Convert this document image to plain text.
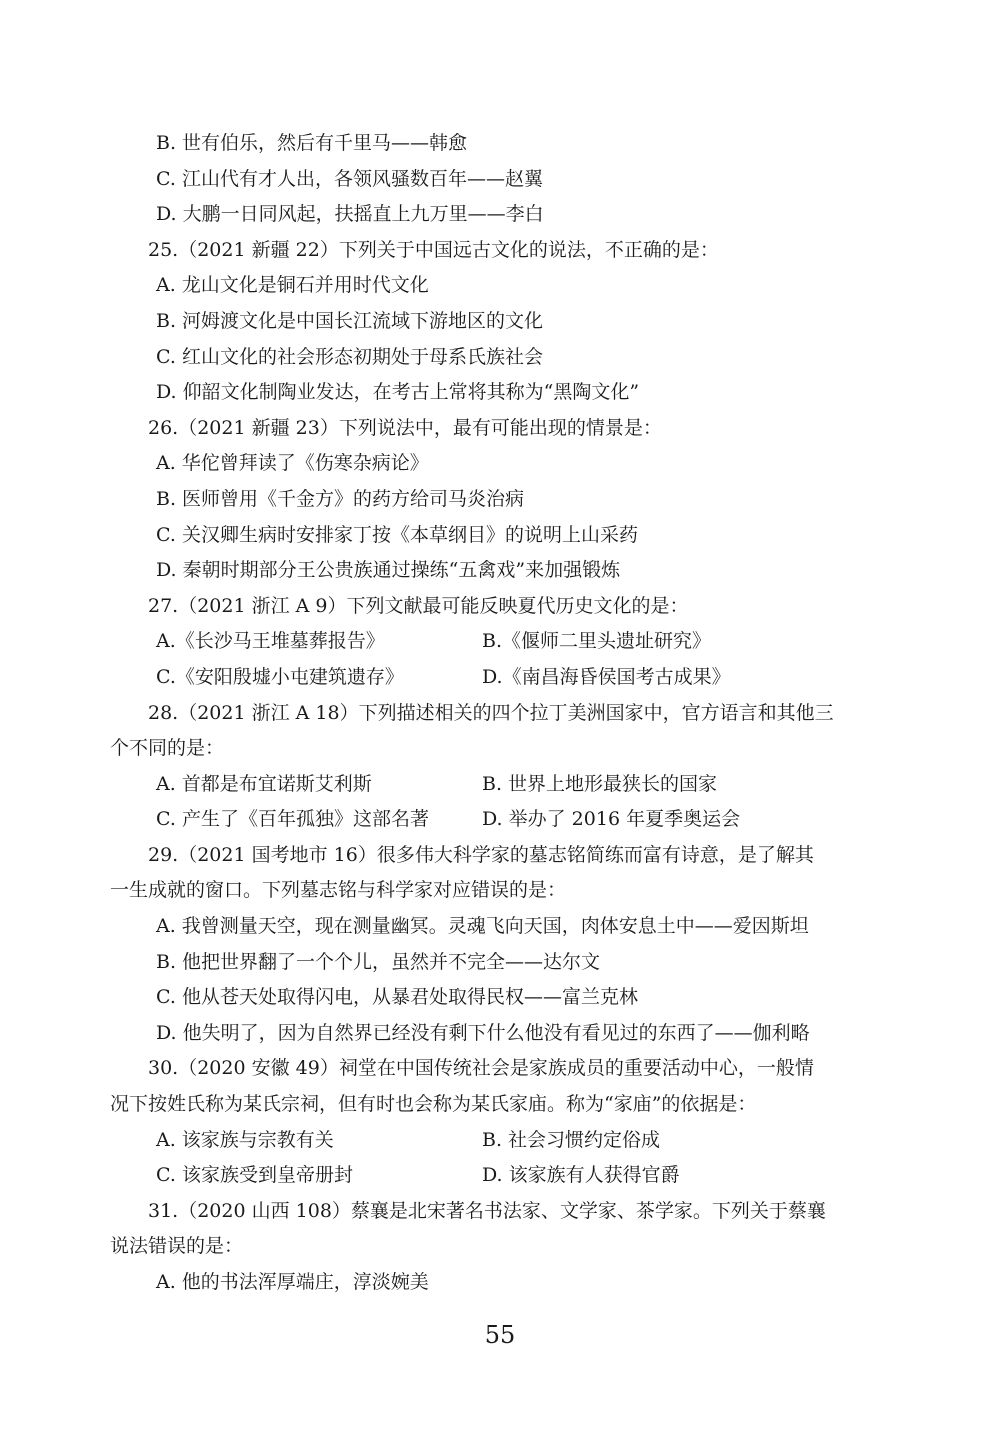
B. 世有伯乐，然后有千里马——韩愈
C. 江山代有才人出，各领风骚数百年——赵翼
D. 大鹏一日同风起，扶摇直上九万里——李白
25.（2021 新疆 22）下列关于中国远古文化的说法，不正确的是：
A. 龙山文化是铜石并用时代文化
B. 河姆渡文化是中国长江流域下游地区的文化
C. 红山文化的社会形态初期处于母系氏族社会
D. 仰韶文化制陶业发达，在考古上常将其称为“黑陶文化”
26.（2021 新疆 23）下列说法中，最有可能出现的情景是：
A. 华佗曾拜读了《伤寒杂病论》
B. 医师曾用《千金方》的药方给司马炎治病
C. 关汉卿生病时安排家丁按《本草纲目》的说明上山采药
D. 秦朝时期部分王公贵族通过操练“五禽戏”来加强锻炼
27.（2021 浙江 A 9）下列文献最可能反映夏代历史文化的是：
A.《长沙马王堆墓葬报告》	B.《偃师二里头遗址研究》
C.《安阳殷墟小屯建筑遗存》	D.《南昌海昏侯国考古成果》
28.（2021 浙江 A 18）下列描述相关的四个拉丁美洲国家中，官方语言和其他三
个不同的是：
A. 首都是布宜诺斯艾利斯	B. 世界上地形最狭长的国家
C. 产生了《百年孤独》这部名著	D. 举办了 2016 年夏季奥运会
29.（2021 国考地市 16）很多伟大科学家的墓志铭简练而富有诗意，是了解其
一生成就的窗口。下列墓志铭与科学家对应错误的是：
A. 我曾测量天空，现在测量幽冥。灵魂飞向天国，肉体安息土中——爱因斯坦
B. 他把世界翻了一个个儿，虽然并不完全——达尔文
C. 他从苍天处取得闪电，从暴君处取得民权——富兰克林
D. 他失明了，因为自然界已经没有剩下什么他没有看见过的东西了——伽利略
30.（2020 安徽 49）祠堂在中国传统社会是家族成员的重要活动中心，一般情
况下按姓氏称为某氏宗祠，但有时也会称为某氏家庙。称为“家庙”的依据是：
A. 该家族与宗教有关	B. 社会习惯约定俗成
C. 该家族受到皇帝册封	D. 该家族有人获得官爵
31.（2020 山西 108）蔡襄是北宋著名书法家、文学家、茶学家。下列关于蔡襄
说法错误的是：
A. 他的书法浑厚端庄，淳淡婉美
55
